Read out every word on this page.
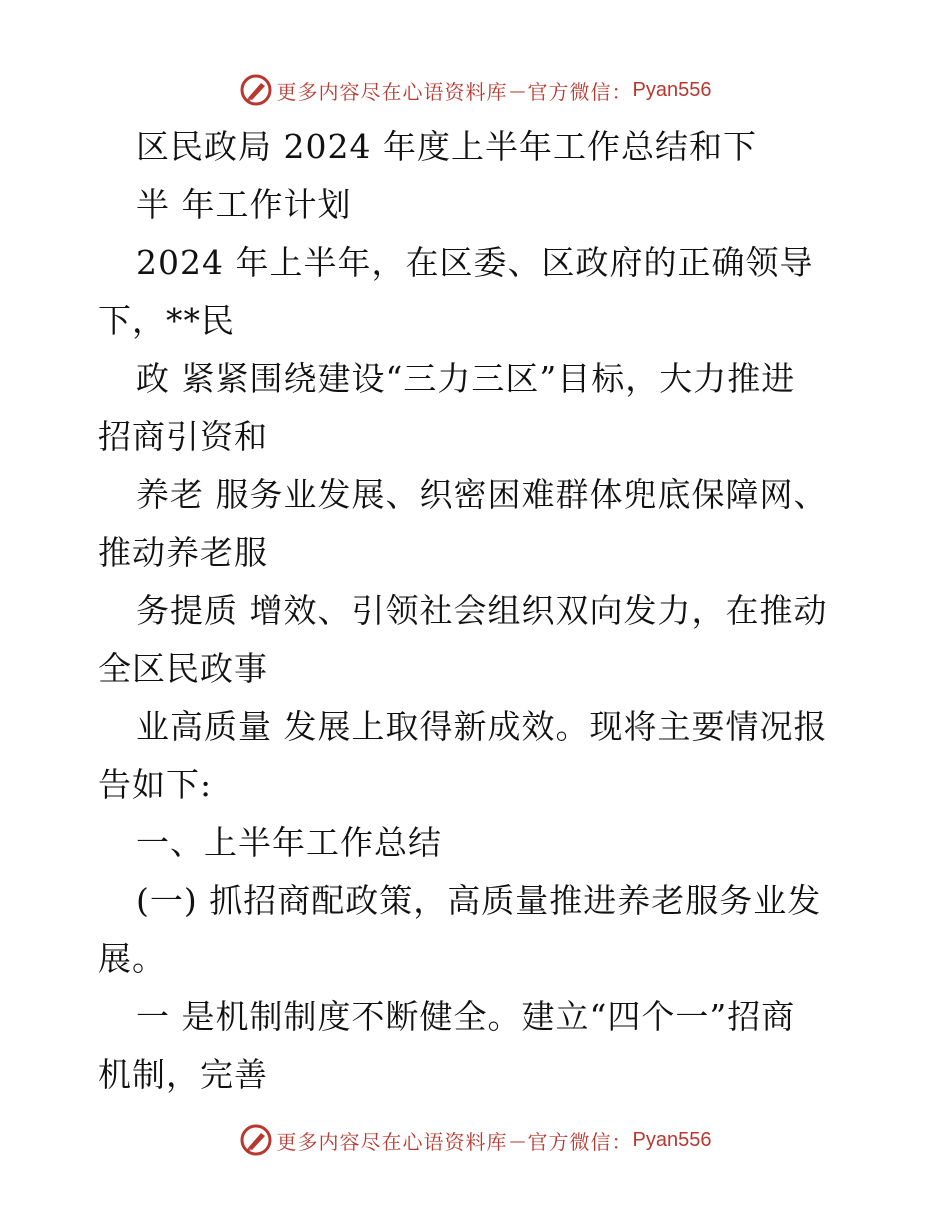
更多内容尽在心语资料库 — 官方微信： Pyan556
区民政局 2024 年度上半年工作总结和下
半 年工作计划
2024 年上半年，在区委、区政府的正确领导
下，**民
政 紧紧围绕建设“三力三区”目标，大力推进
招商引资和
养老 服务业发展、织密困难群体兜底保障网、
推动养老服
务提质 增效、引领社会组织双向发力，在推动
全区民政事
业高质量 发展上取得新成效。现将主要情况报
告如下:
一、上半年工作总结
(一) 抓招商配政策，高质量推进养老服务业发
展。
一 是机制制度不断健全。建立“四个一”招商
机制，完善
更多内容尽在心语资料库 — 官方微信： Pyan556
